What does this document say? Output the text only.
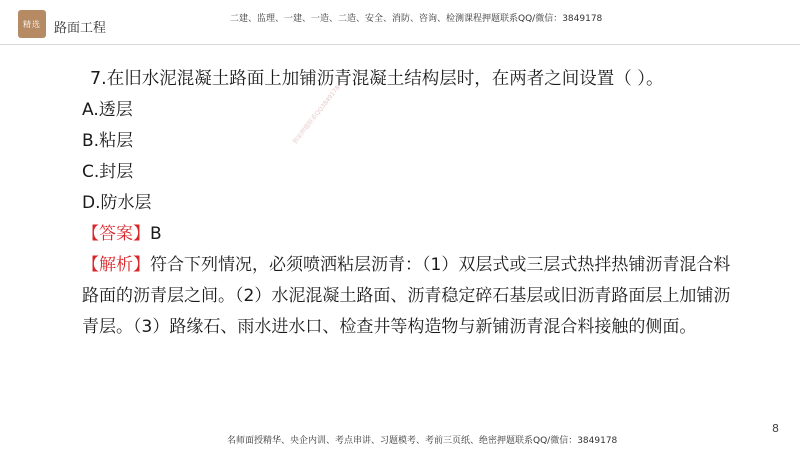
精选 路面工程
二建、监理、一建、一造、二造、安全、消防、咨询、检测课程押题联系QQ/微信：3849178
独家押题联系QQ3849178
7.在旧水泥混凝土路面上加铺沥青混凝土结构层时，在两者之间设置（ ）。
A.透层
B.粘层
C.封层
D.防水层
【答案】B
【解析】符合下列情况，必须喷洒粘层沥青：（1）双层式或三层式热拌热铺沥青混合料路面的沥青层之间。（2）水泥混凝土路面、沥青稳定碎石基层或旧沥青路面层上加铺沥青层。（3）路缘石、雨水进水口、检查井等构造物与新铺沥青混合料接触的侧面。
8
名师面授精华、央企内训、考点串讲、习题模考、考前三页纸、绝密押题联系QQ/微信：3849178
